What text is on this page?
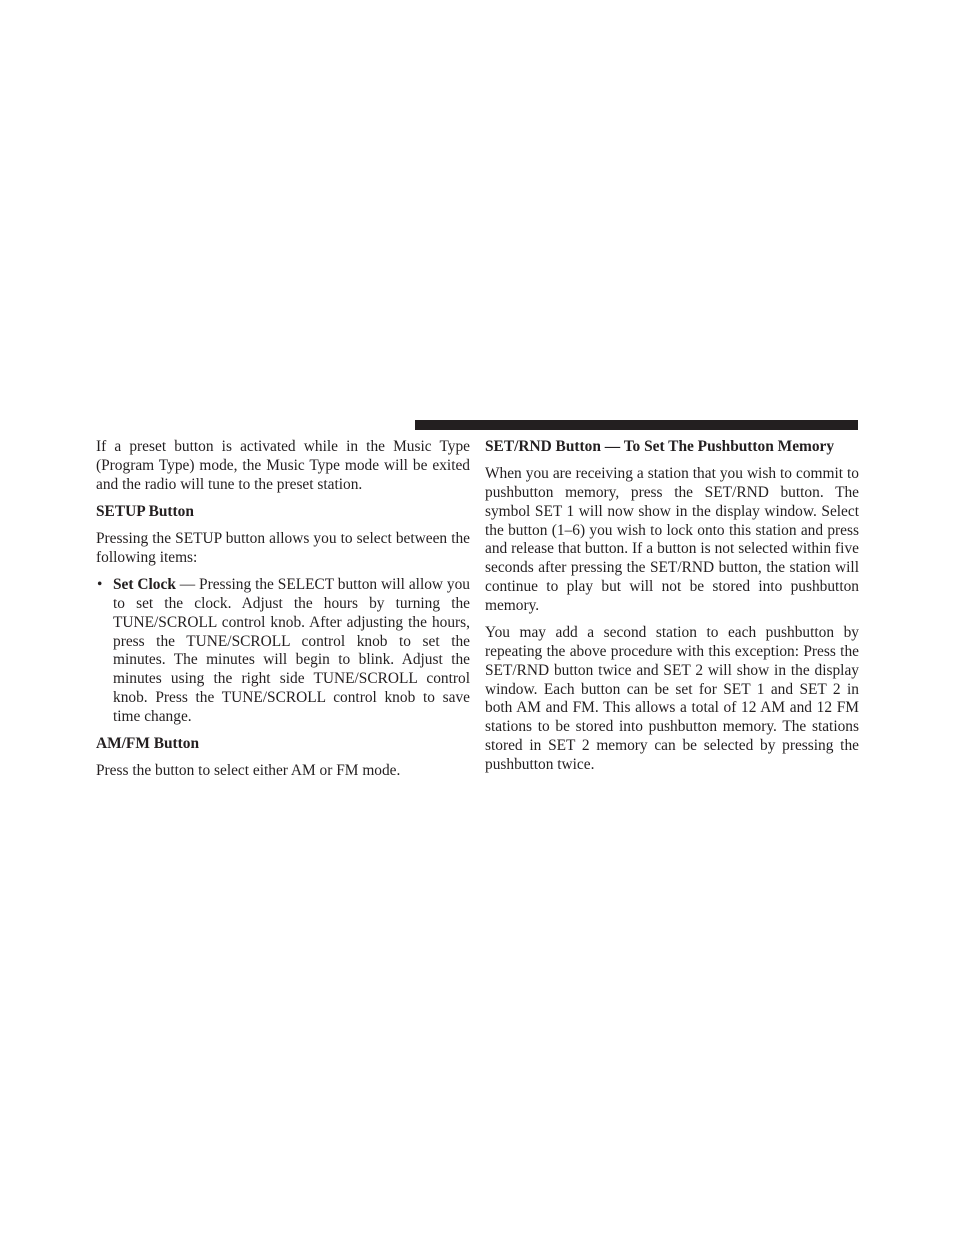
If a preset button is activated while in the Music Type (Program Type) mode, the Music Type mode will be exited and the radio will tune to the preset station.

SETUP Button

Pressing the SETUP button allows you to select between the following items:

• Set Clock — Pressing the SELECT button will allow you to set the clock. Adjust the hours by turning the TUNE/SCROLL control knob. After adjusting the hours, press the TUNE/SCROLL control knob to set the minutes. The minutes will begin to blink. Adjust the minutes using the right side TUNE/SCROLL control knob. Press the TUNE/SCROLL control knob to save time change.
AM/FM Button

Press the button to select either AM or FM mode.

SET/RND Button — To Set The Pushbutton Memory

When you are receiving a station that you wish to commit to pushbutton memory, press the SET/RND button. The symbol SET 1 will now show in the display window. Select the button (1–6) you wish to lock onto this station and press and release that button. If a button is not selected within five seconds after pressing the SET/RND button, the station will continue to play but will not be stored into pushbutton memory.

You may add a second station to each pushbutton by repeating the above procedure with this exception: Press the SET/RND button twice and SET 2 will show in the display window. Each button can be set for SET 1 and SET 2 in both AM and FM. This allows a total of 12 AM and 12 FM stations to be stored into pushbutton memory. The stations stored in SET 2 memory can be selected by pressing the pushbutton twice.
